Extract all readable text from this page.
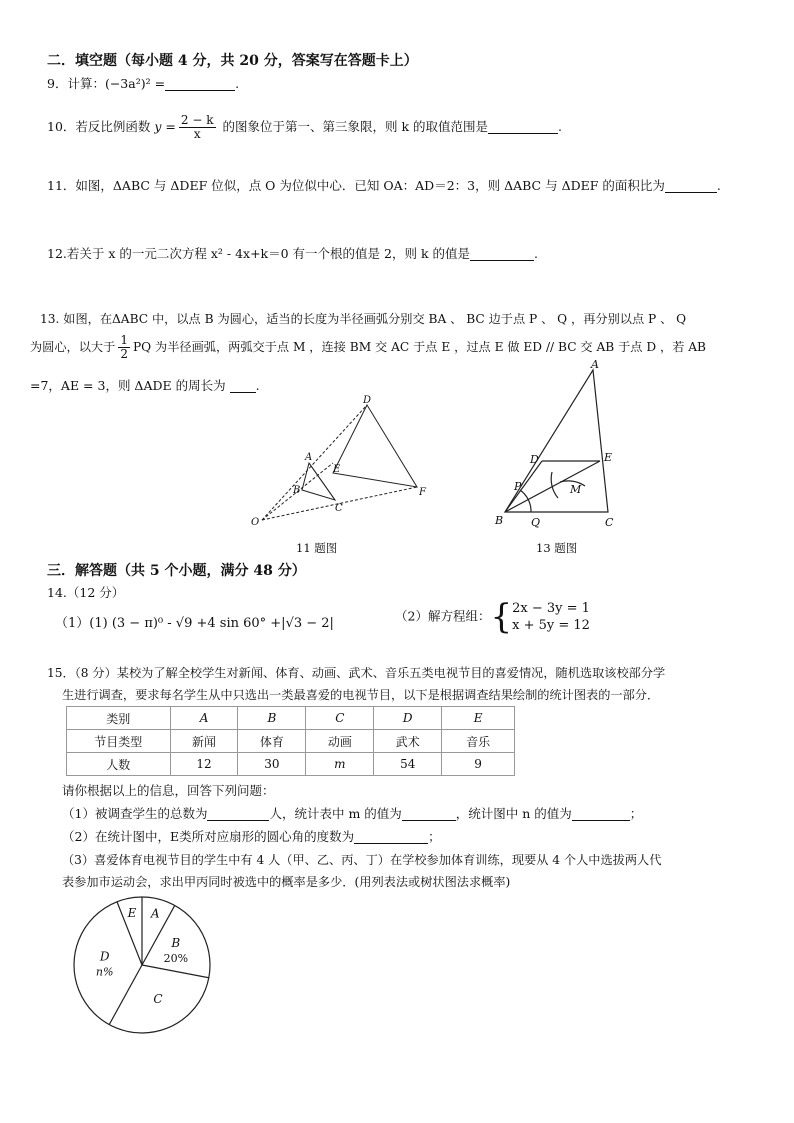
二．填空题（每小题 4 分，共 20 分，答案写在答题卡上）
9．计算：(−3a²)² =	.
10．若反比例函数 $y = \frac{2 - k}{x}$ 的图象位于第一、第三象限，则 k 的取值范围是	.
11．如图，ΔABC 与 ΔDEF 位似，点 O 为位似中心．已知 OA：AD＝2：3，则 ΔABC 与 ΔDEF 的面积比为	.
12.若关于 x 的一元二次方程 x² - 4x+k＝0 有一个根的值是 2，则 k 的值是	.
13. 如图，在ΔABC 中，以点 B 为圆心，适当的长度为半径画弧分别交 BA 、 BC 边于点 P 、 Q ，再分别以点 P 、 Q
为圆心，以大于 $\frac{1}{2}$ PQ 为半径画弧，两弧交于点 M ，连接 BM 交 AC 于点 E ，过点 E 做 ED // BC 交 AB 于点 D ，若 AB
=7，AE = 3，则 ΔADE 的周长为 .
D
A
E
B
C
F
O
11 题图
A
D	E
P	M
B	Q	C
13 题图
三．解答题（共 5 个小题，满分 48 分）
14.（12 分）
（1）(1) (3 − π)⁰ - √9 +4 sin 60° +|√3 − 2|	（2）解方程组：{ 2x − 3y = 1
x + 5y = 12
15．（8 分）某校为了解全校学生对新闻、体育、动画、武术、音乐五类电视节目的喜爱情况，随机选取该校部分学
生进行调查，要求每名学生从中只选出一类最喜爱的电视节目，以下是根据调查结果绘制的统计图表的一部分．
类别	A	B	C	D	E
节目类型	新闻	体育	动画	武术	音乐
人数	12	30	m	54	9
请你根据以上的信息，回答下列问题：
（1）被调查学生的总数为	人，统计表中 m 的值为	，统计图中 n 的值为	；
（2）在统计图中，E类所对应扇形的圆心角的度数为	；
（3）喜爱体育电视节目的学生中有 4 人（甲、乙、丙、丁）在学校参加体育训练，现要从 4 个人中选拔两人代
表参加市运动会，求出甲丙同时被选中的概率是多少．(用列表法或树状图法求概率)
A
B
20%
C
D
n%
E
